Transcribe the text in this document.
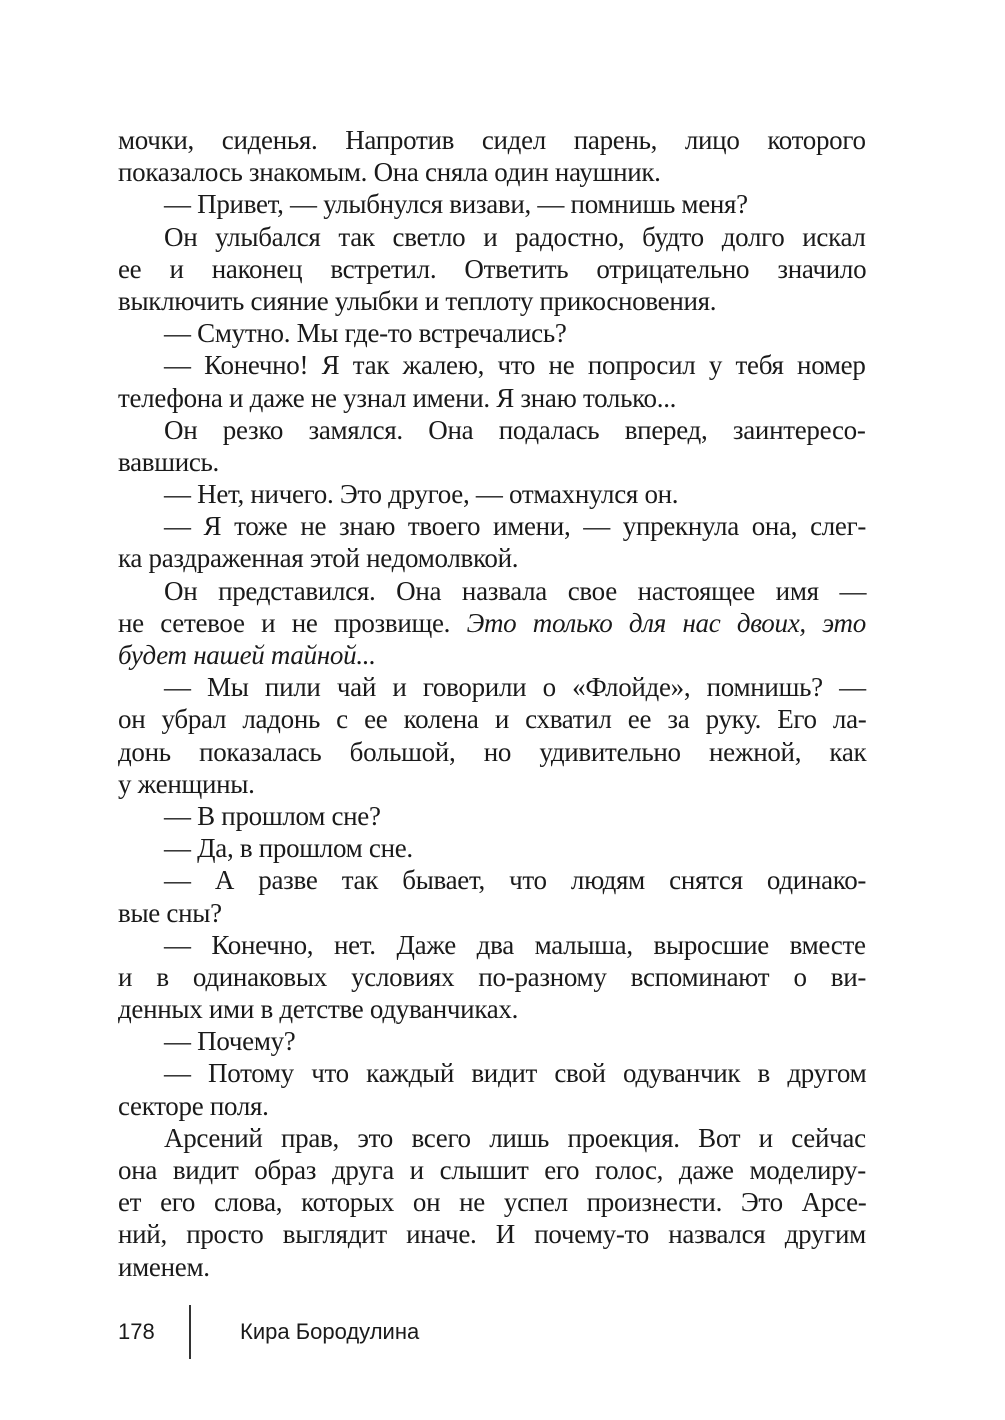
мочки, сиденья. Напротив сидел парень, лицо которого
показалось знакомым. Она сняла один наушник.
— Привет, — улыбнулся визави, — помнишь меня?
Он улыбался так светло и радостно, будто долго искал
ее и наконец встретил. Ответить отрицательно значило
выключить сияние улыбки и теплоту прикосновения.
— Смутно. Мы где-то встречались?
— Конечно! Я так жалею, что не попросил у тебя номер
телефона и даже не узнал имени. Я знаю только...
Он резко замялся. Она подалась вперед, заинтересо-
вавшись.
— Нет, ничего. Это другое, — отмахнулся он.
— Я тоже не знаю твоего имени, — упрекнула она, слег-
ка раздраженная этой недомолвкой.
Он представился. Она назвала свое настоящее имя —
не сетевое и не прозвище. Это только для нас двоих, это
будет нашей тайной...
— Мы пили чай и говорили о «Флойде», помнишь? —
он убрал ладонь с ее колена и схватил ее за руку. Его ла-
донь показалась большой, но удивительно нежной, как
у женщины.
— В прошлом сне?
— Да, в прошлом сне.
— А разве так бывает, что людям снятся одинако-
вые сны?
— Конечно, нет. Даже два малыша, выросшие вместе
и в одинаковых условиях по-разному вспоминают о ви-
денных ими в детстве одуванчиках.
— Почему?
— Потому что каждый видит свой одуванчик в другом
секторе поля.
Арсений прав, это всего лишь проекция. Вот и сейчас
она видит образ друга и слышит его голос, даже моделиру-
ет его слова, которых он не успел произнести. Это Арсе-
ний, просто выглядит иначе. И почему-то назвался другим
именем.
178	Кира Бородулина
